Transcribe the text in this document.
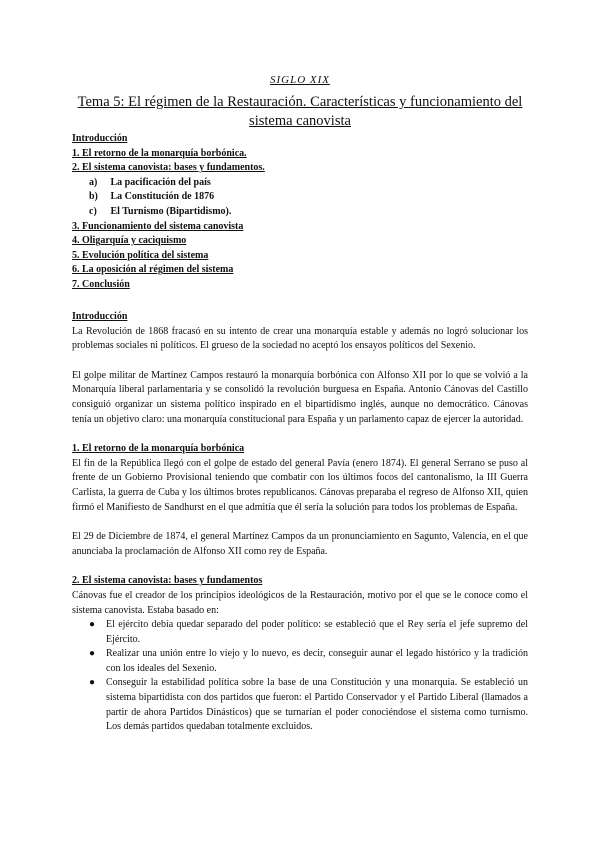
SIGLO XIX
Tema 5: El régimen de la Restauración. Características y funcionamiento del sistema canovista
Introducción
1. El retorno de la monarquía borbónica.
2. El sistema canovista: bases y fundamentos.
a) La pacificación del país
b) La Constitución de 1876
c) El Turnismo (Bipartidismo).
3. Funcionamiento del sistema canovista
4. Oligarquía y caciquismo
5. Evolución política del sistema
6. La oposición al régimen del sistema
7. Conclusión
Introducción

La Revolución de 1868 fracasó en su intento de crear una monarquía estable y además no logró solucionar los problemas sociales ni políticos. El grueso de la sociedad no aceptó los ensayos políticos del Sexenio.

El golpe militar de Martínez Campos restauró la monarquía borbónica con Alfonso XII por lo que se volvió a la Monarquía liberal parlamentaria y se consolidó la revolución burguesa en España. Antonio Cánovas del Castillo consiguió organizar un sistema político inspirado en el bipartidismo inglés, aunque no democrático. Cánovas tenía un objetivo claro: una monarquía constitucional para España y un parlamento capaz de ejercer la autoridad.

1. El retorno de la monarquía borbónica

El fin de la República llegó con el golpe de estado del general Pavía (enero 1874). El general Serrano se puso al frente de un Gobierno Provisional teniendo que combatir con los últimos focos del cantonalismo, la III Guerra Carlista, la guerra de Cuba y los últimos brotes republicanos. Cánovas preparaba el regreso de Alfonso XII, quien firmó el Manifiesto de Sandhurst en el que admitía que él sería la solución para todos los problemas de España.

El 29 de Diciembre de 1874, el general Martínez Campos da un pronunciamiento en Sagunto, Valencia, en el que anunciaba la proclamación de Alfonso XII como rey de España.

2. El sistema canovista: bases y fundamentos

Cánovas fue el creador de los principios ideológicos de la Restauración, motivo por el que se le conoce como el sistema canovista. Estaba basado en:

● El ejército debía quedar separado del poder político: se estableció que el Rey sería el jefe supremo del Ejército.
● Realizar una unión entre lo viejo y lo nuevo, es decir, conseguir aunar el legado histórico y la tradición con los ideales del Sexenio.
● Conseguir la estabilidad política sobre la base de una Constitución y una monarquía. Se estableció un sistema bipartidista con dos partidos que fueron: el Partido Conservador y el Partido Liberal (llamados a partir de ahora Partidos Dinásticos) que se turnarían el poder conociéndose el sistema como turnismo. Los demás partidos quedaban totalmente excluidos.
